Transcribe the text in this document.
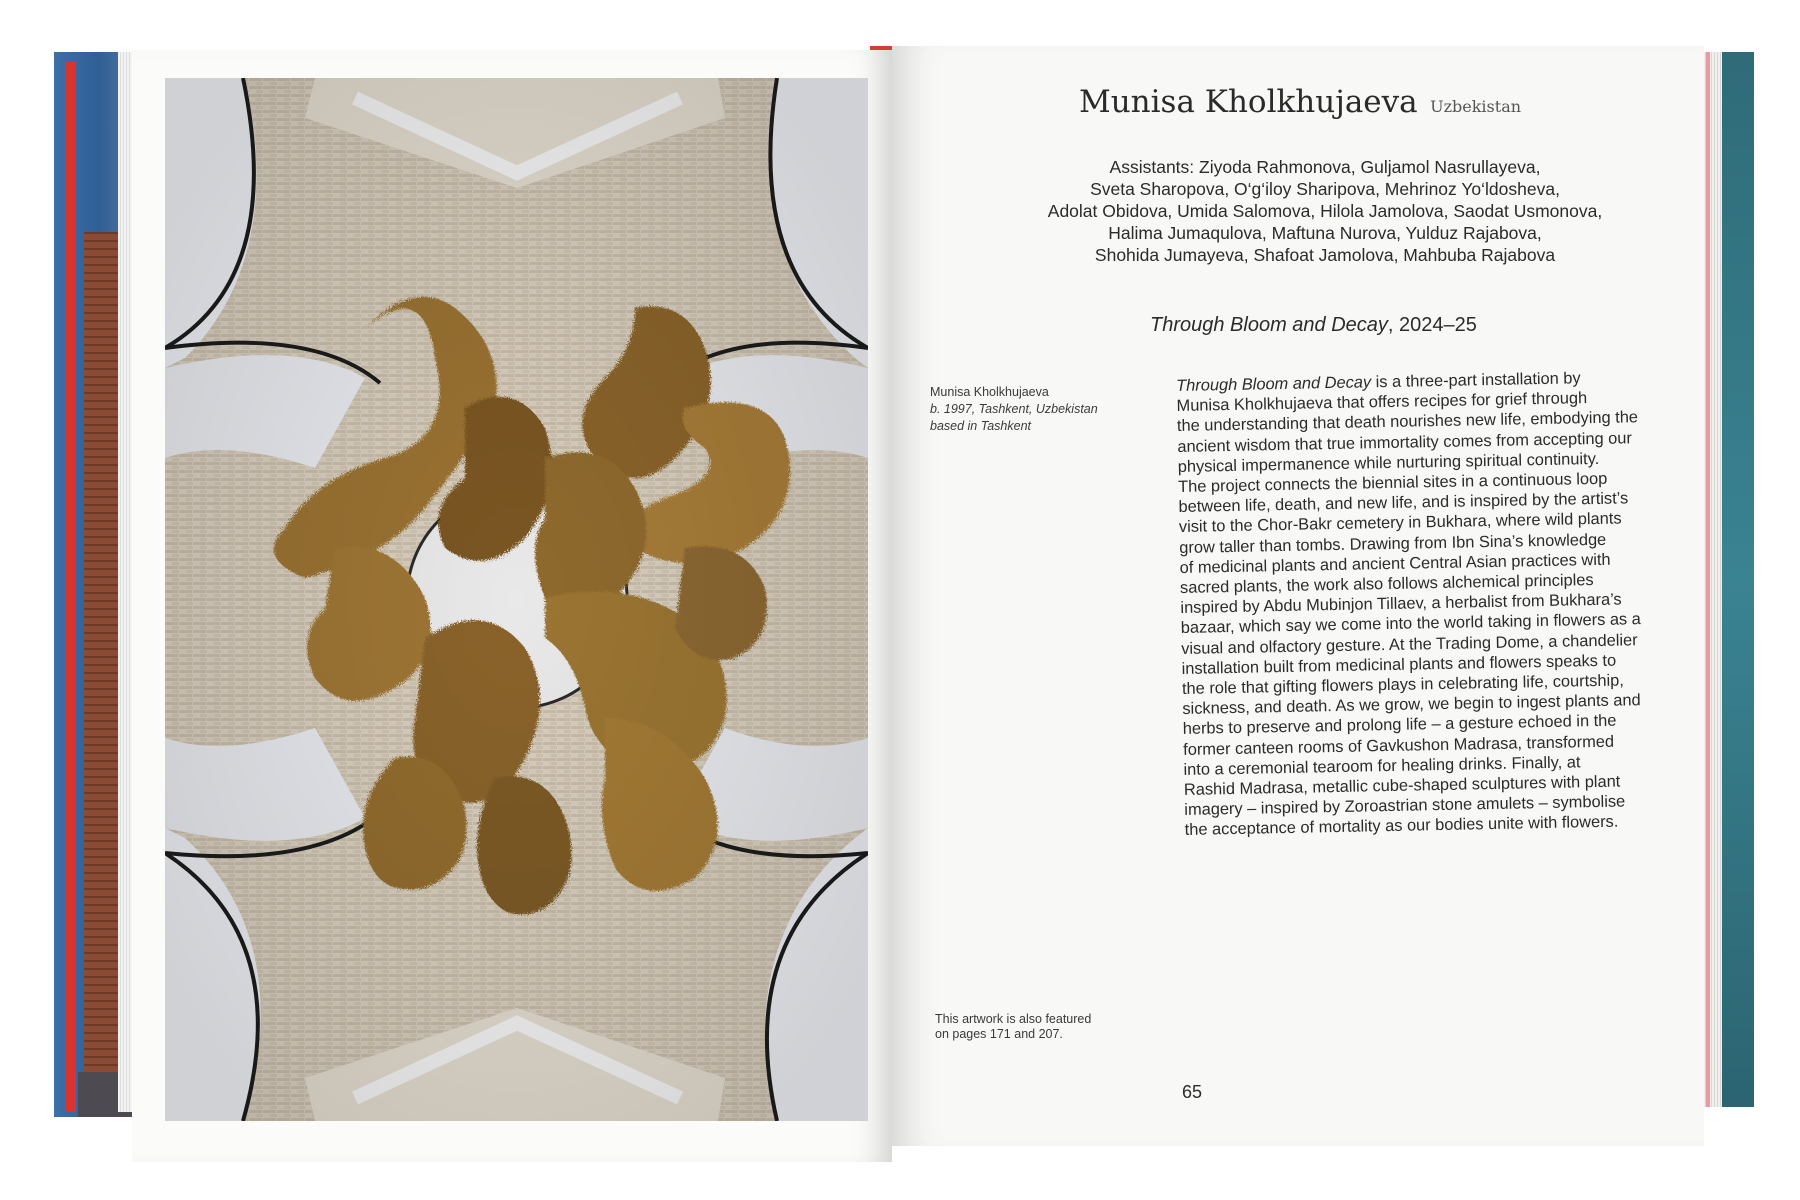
Munisa Kholkhujaeva Uzbekistan
Assistants: Ziyoda Rahmonova, Guljamol Nasrullayeva,
Sveta Sharopova, O‘g‘iloy Sharipova, Mehrinoz Yo‘ldosheva,
Adolat Obidova, Umida Salomova, Hilola Jamolova, Saodat Usmonova,
Halima Jumaqulova, Maftuna Nurova, Yulduz Rajabova,
Shohida Jumayeva, Shafoat Jamolova, Mahbuba Rajabova
Through Bloom and Decay, 2024–25
Munisa Kholkhujaeva
b. 1997, Tashkent, Uzbekistan
based in Tashkent
Through Bloom and Decay is a three-part installation by
Munisa Kholkhujaeva that offers recipes for grief through
the understanding that death nourishes new life, embodying the
ancient wisdom that true immortality comes from accepting our
physical impermanence while nurturing spiritual continuity.
The project connects the biennial sites in a continuous loop
between life, death, and new life, and is inspired by the artist’s
visit to the Chor-Bakr cemetery in Bukhara, where wild plants
grow taller than tombs. Drawing from Ibn Sina’s knowledge
of medicinal plants and ancient Central Asian practices with
sacred plants, the work also follows alchemical principles
inspired by Abdu Mubinjon Tillaev, a herbalist from Bukhara’s
bazaar, which say we come into the world taking in flowers as a
visual and olfactory gesture. At the Trading Dome, a chandelier
installation built from medicinal plants and flowers speaks to
the role that gifting flowers plays in celebrating life, courtship,
sickness, and death. As we grow, we begin to ingest plants and
herbs to preserve and prolong life – a gesture echoed in the
former canteen rooms of Gavkushon Madrasa, transformed
into a ceremonial tearoom for healing drinks. Finally, at
Rashid Madrasa, metallic cube-shaped sculptures with plant
imagery – inspired by Zoroastrian stone amulets – symbolise
the acceptance of mortality as our bodies unite with flowers.
This artwork is also featured
on pages 171 and 207.
65
